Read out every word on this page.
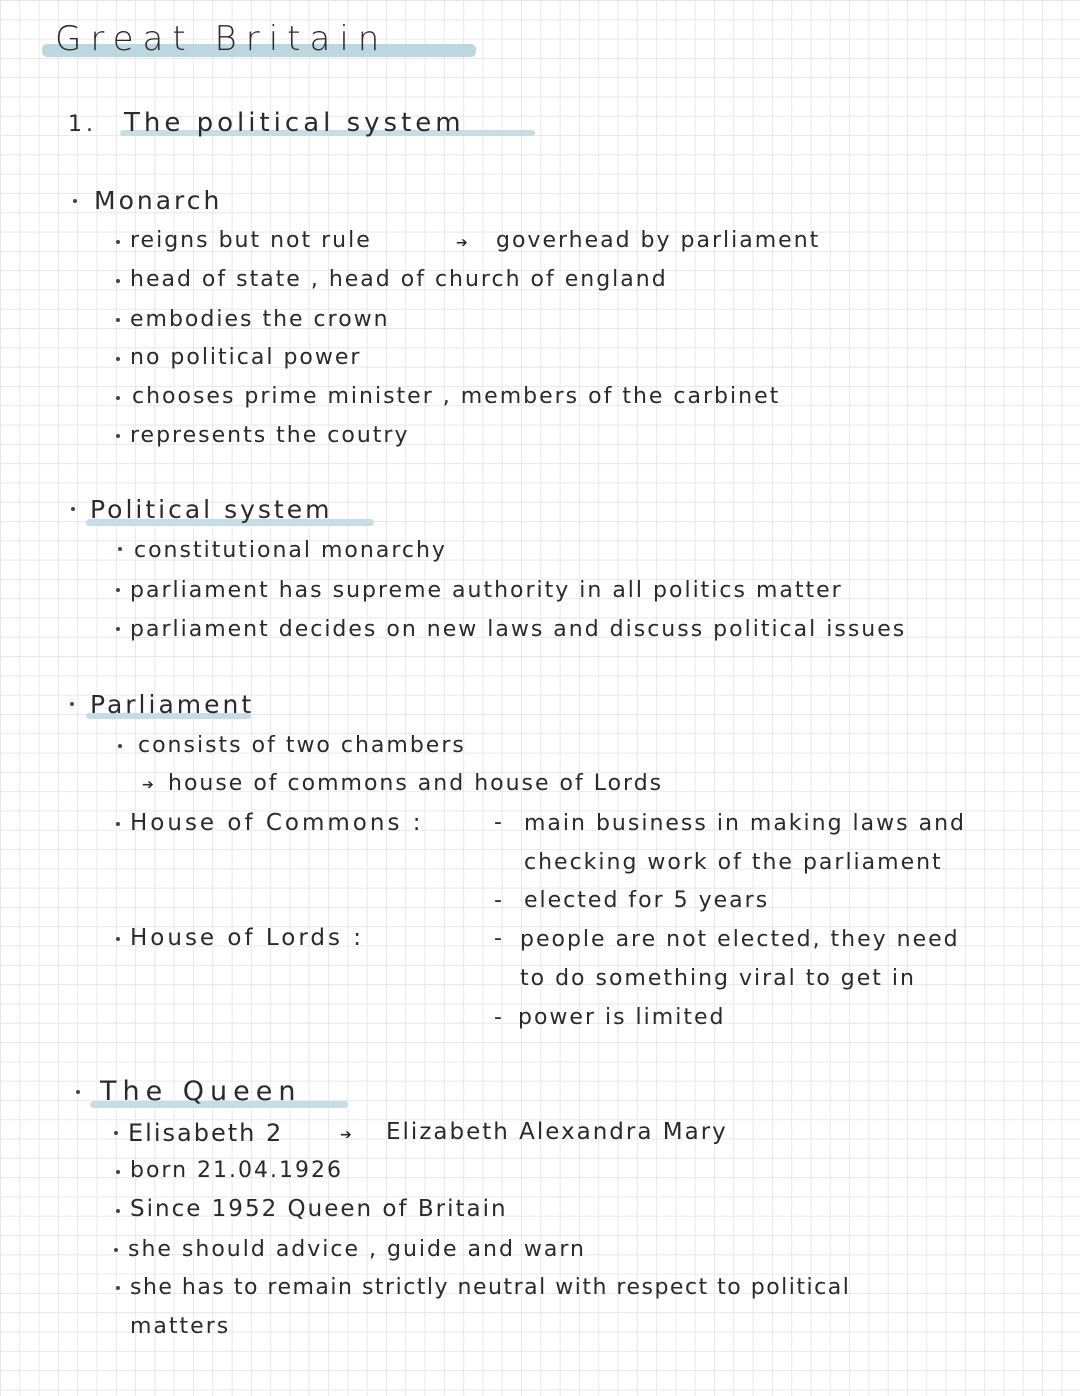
Great Britain
1. The political system
Monarch
reigns but not rule	➔ goverhead by parliament
head of state , head of church of england
embodies the crown
no political power
chooses prime minister , members of the carbinet
represents the coutry
Political system
constitutional monarchy
parliament has supreme authority in all politics matter
parliament decides on new laws and discuss political issues
Parliament
consists of two chambers
➔ house of commons and house of Lords
House of Commons :	- main business in making laws and
checking work of the parliament
- elected for 5 years
House of Lords :	- people are not elected, they need
to do something viral to get in
- power is limited
The Queen
Elisabeth 2	➔ Elizabeth Alexandra Mary
born 21.04.1926
Since 1952 Queen of Britain
she should advice , guide and warn
she has to remain strictly neutral with respect to political
matters
